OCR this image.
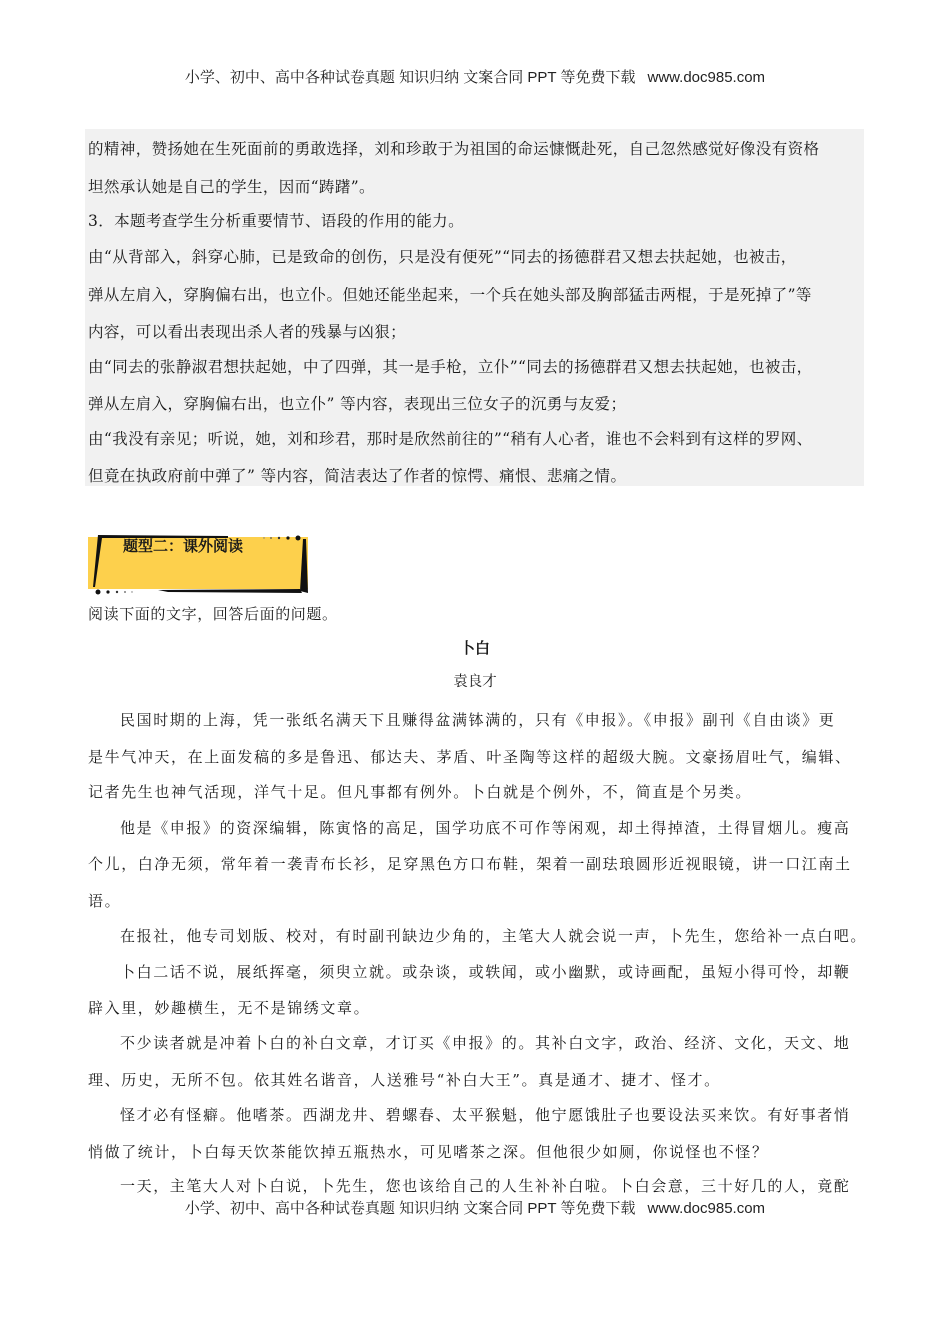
小学、初中、高中各种试卷真题 知识归纳 文案合同 PPT 等免费下载 www.doc985.com
的精神，赞扬她在生死面前的勇敢选择，刘和珍敢于为祖国的命运慷慨赴死，自己忽然感觉好像没有资格
坦然承认她是自己的学生，因而“踌躇”。
3．本题考查学生分析重要情节、语段的作用的能力。
由“从背部入，斜穿心肺，已是致命的创伤，只是没有便死”“同去的扬德群君又想去扶起她，也被击，
弹从左肩入，穿胸偏右出，也立仆。但她还能坐起来，一个兵在她头部及胸部猛击两棍，于是死掉了”等
内容，可以看出表现出杀人者的残暴与凶狠；
由“同去的张静淑君想扶起她，中了四弹，其一是手枪，立仆”“同去的扬德群君又想去扶起她，也被击，
弹从左肩入，穿胸偏右出，也立仆” 等内容，表现出三位女子的沉勇与友爱；
由“我没有亲见；听说，她，刘和珍君，那时是欣然前往的”“稍有人心者，谁也不会料到有这样的罗网、
但竟在执政府前中弹了” 等内容，简洁表达了作者的惊愕、痛恨、悲痛之情。
题型二：课外阅读
阅读下面的文字，回答后面的问题。
卜白
袁良才
民国时期的上海，凭一张纸名满天下且赚得盆满钵满的，只有《申报》。《申报》副刊《自由谈》更
是牛气冲天，在上面发稿的多是鲁迅、郁达夫、茅盾、叶圣陶等这样的超级大腕。文豪扬眉吐气，编辑、
记者先生也神气活现，洋气十足。但凡事都有例外。卜白就是个例外，不，简直是个另类。
他是《申报》的资深编辑，陈寅恪的高足，国学功底不可作等闲观，却土得掉渣，土得冒烟儿。瘦高
个儿，白净无须，常年着一袭青布长衫，足穿黑色方口布鞋，架着一副珐琅圆形近视眼镜，讲一口江南土
语。
在报社，他专司划版、校对，有时副刊缺边少角的，主笔大人就会说一声，卜先生，您给补一点白吧。
卜白二话不说，展纸挥毫，须臾立就。或杂谈，或轶闻，或小幽默，或诗画配，虽短小得可怜，却鞭
辟入里，妙趣横生，无不是锦绣文章。
不少读者就是冲着卜白的补白文章，才订买《申报》的。其补白文字，政治、经济、文化，天文、地
理、历史，无所不包。依其姓名谐音，人送雅号“补白大王”。真是通才、捷才、怪才。
怪才必有怪癖。他嗜茶。西湖龙井、碧螺春、太平猴魁，他宁愿饿肚子也要设法买来饮。有好事者悄
悄做了统计，卜白每天饮茶能饮掉五瓶热水，可见嗜茶之深。但他很少如厕，你说怪也不怪？
一天，主笔大人对卜白说，卜先生，您也该给自己的人生补补白啦。卜白会意，三十好几的人，竟酡
小学、初中、高中各种试卷真题 知识归纳 文案合同 PPT 等免费下载 www.doc985.com
